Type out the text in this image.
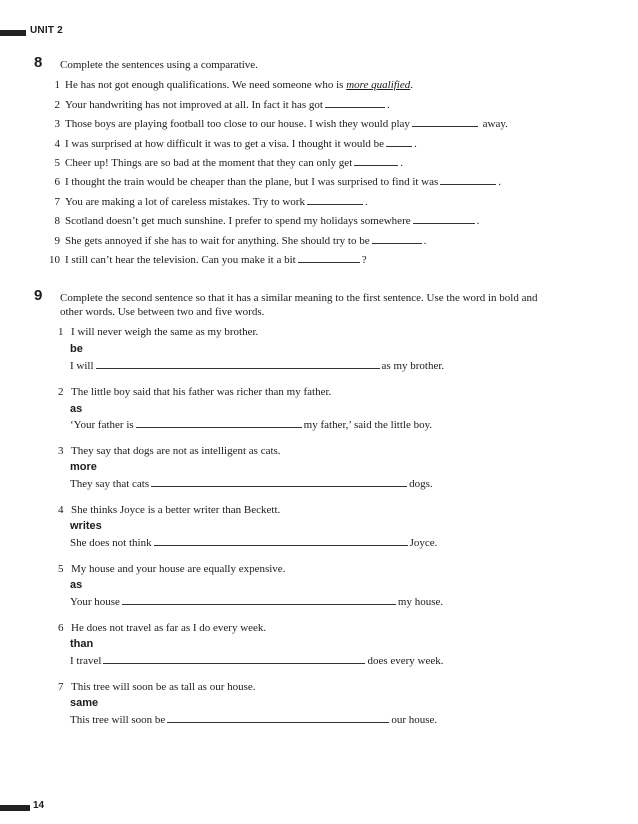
UNIT 2
8 Complete the sentences using a comparative.
1 He has not got enough qualifications. We need someone who is more qualified.
2 Your handwriting has not improved at all. In fact it has got	.
3 Those boys are playing football too close to our house. I wish they would play	away.
4 I was surprised at how difficult it was to get a visa. I thought it would be	.
5 Cheer up! Things are so bad at the moment that they can only get	.
6 I thought the train would be cheaper than the plane, but I was surprised to find it was	.
7 You are making a lot of careless mistakes. Try to work	.
8 Scotland doesn’t get much sunshine. I prefer to spend my holidays somewhere	.
9 She gets annoyed if she has to wait for anything. She should try to be	.
10 I still can’t hear the television. Can you make it a bit	?
9 Complete the second sentence so that it has a similar meaning to the first sentence. Use the word in bold and
other words. Use between two and five words.
1 I will never weigh the same as my brother.
be
I will	as my brother.
2 The little boy said that his father was richer than my father.
as
‘Your father is	my father,’ said the little boy.
3 They say that dogs are not as intelligent as cats.
more
They say that cats	dogs.
4 She thinks Joyce is a better writer than Beckett.
writes
She does not think	Joyce.
5 My house and your house are equally expensive.
as
Your house	my house.
6 He does not travel as far as I do every week.
than
I travel	does every week.
7 This tree will soon be as tall as our house.
same
This tree will soon be	our house.
14
